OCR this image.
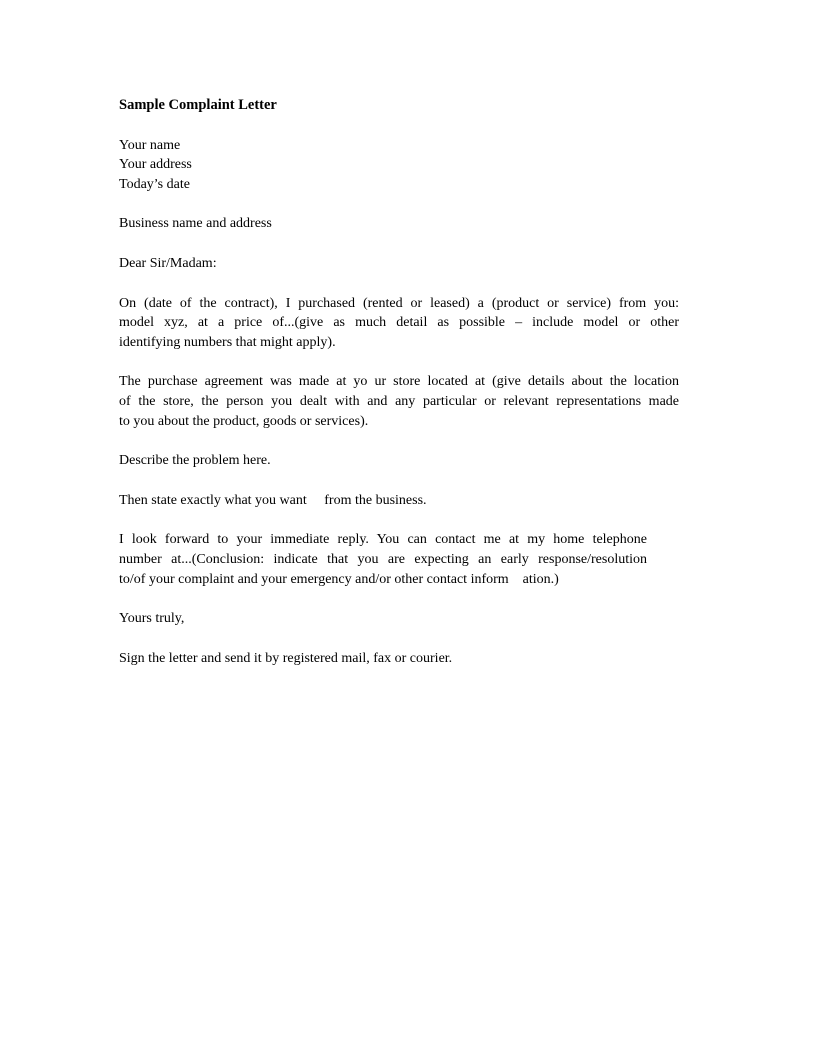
Sample Complaint Letter
Your name
Your address
Today’s date
Business name and address
Dear Sir/Madam:
On (date of the contract), I purchased (rented or leased) a (product or service) from you:
model xyz, at a price of...(give as much detail as possible – include model or other
identifying numbers that might apply).
The purchase agreement was made at yo ur store located at (give details about the location
of the store, the person you dealt with and any particular or relevant representations made
to you about the product, goods or services).
Describe the problem here.
Then state exactly what you want     from the business.
I look forward to your immediate reply. You can contact me at my home telephone
number at...(Conclusion: indicate that you are expecting an early response/resolution
to/of your complaint and your emergency and/or other contact inform    ation.)
Yours truly,
Sign the letter and send it by registered mail, fax or courier.
